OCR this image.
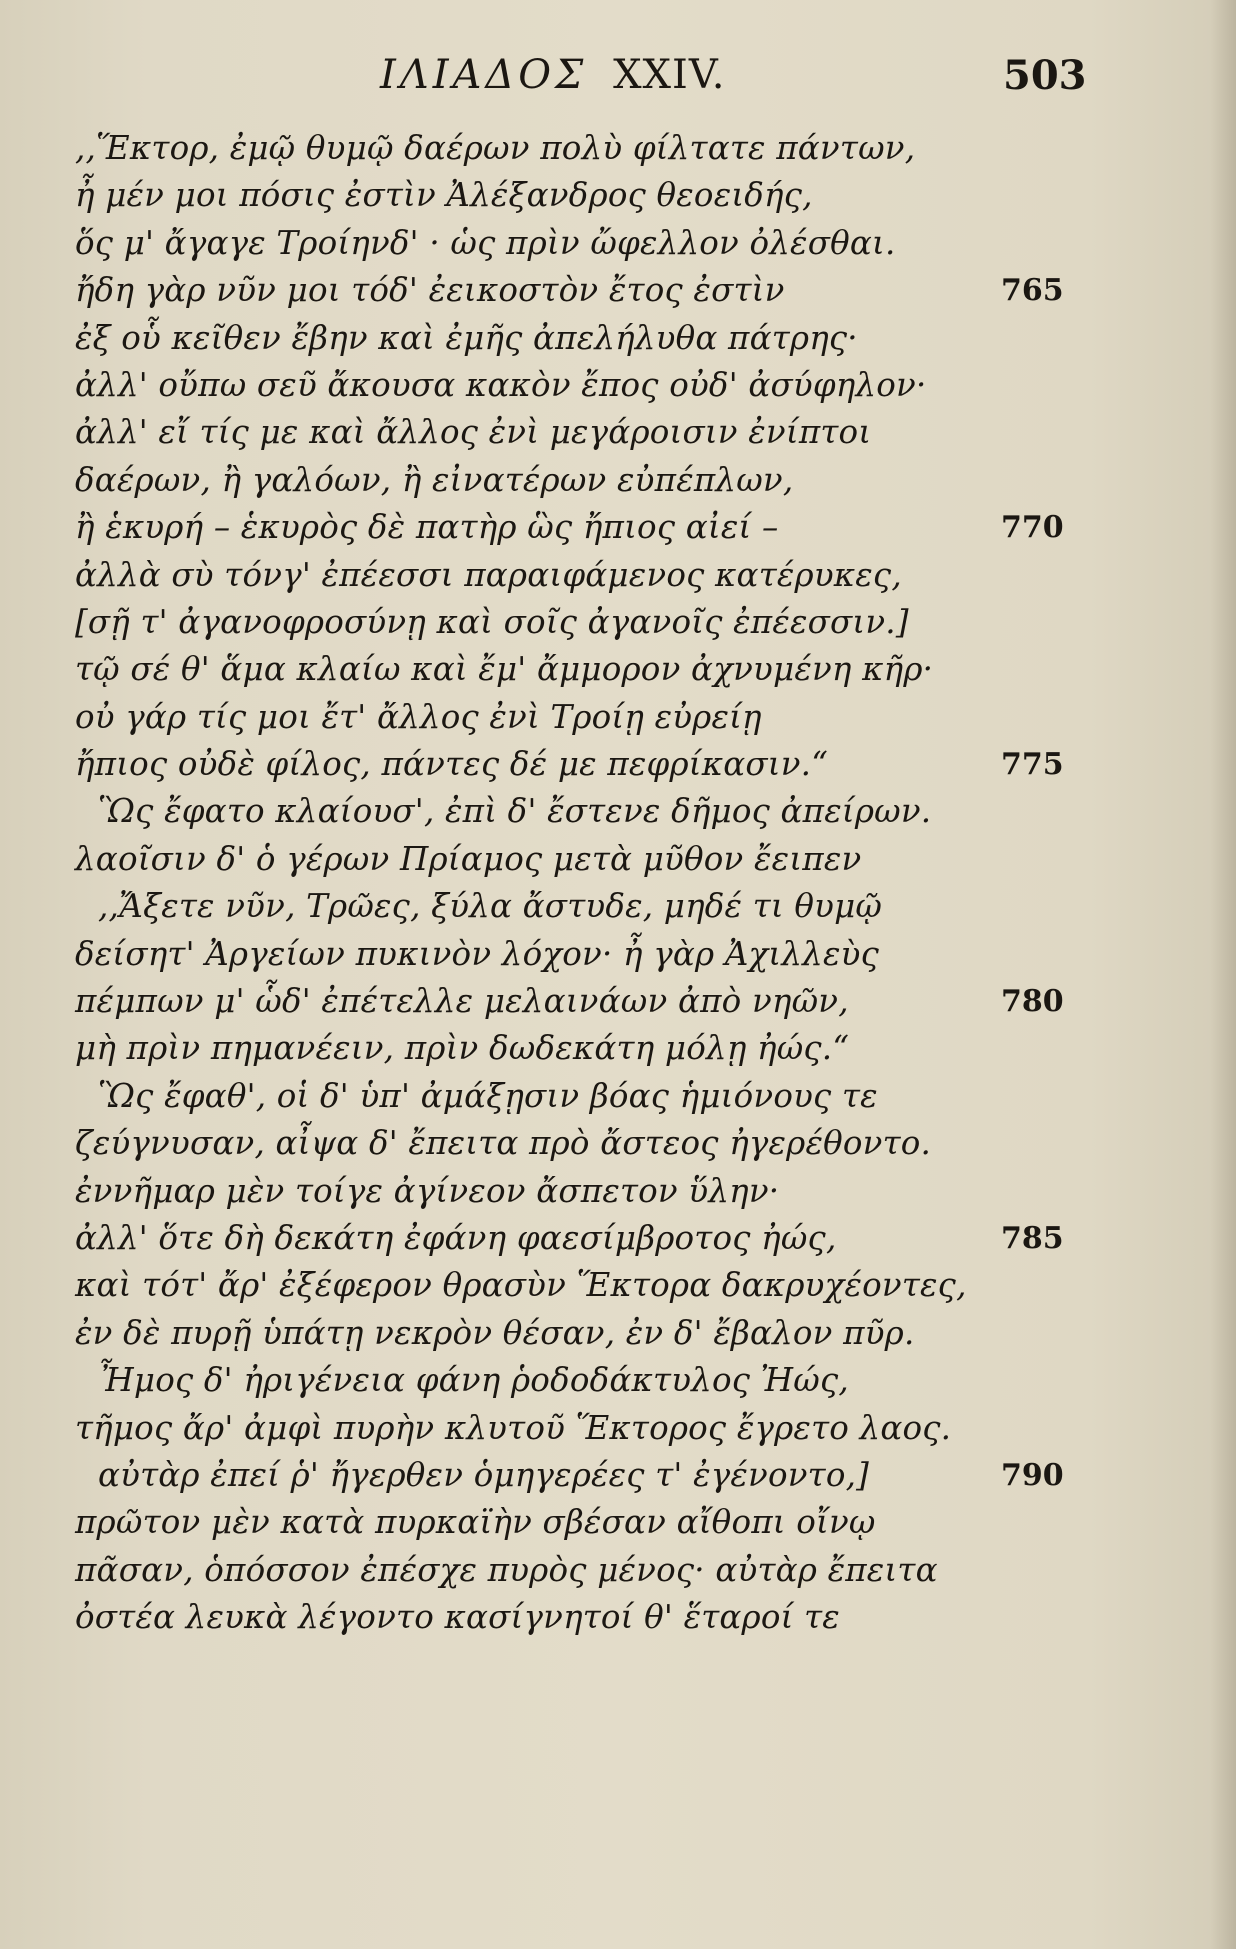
ΙΛΙΑΔΟΣ XXIV.	503
,,Ἕκτορ, ἐμῷ θυμῷ δαέρων πολὺ φίλτατε πάντων,
ἦ μέν μοι πόσις ἐστὶν Ἀλέξανδρος θεοειδής,
ὅς μ' ἄγαγε Τροίηνδ' · ὡς πρὶν ὤφελλον ὀλέσθαι.
ἤδη γὰρ νῦν μοι τόδ' ἐεικοστὸν ἔτος ἐστὶν	765
ἐξ οὗ κεῖθεν ἔβην καὶ ἐμῆς ἀπελήλυθα πάτρης·
ἀλλ' οὔπω σεῦ ἄκουσα κακὸν ἔπος οὐδ' ἀσύφηλον·
ἀλλ' εἴ τίς με καὶ ἄλλος ἐνὶ μεγάροισιν ἐνίπτοι
δαέρων, ἢ γαλόων, ἢ εἰνατέρων εὐπέπλων,
ἢ ἑκυρή – ἑκυρὸς δὲ πατὴρ ὣς ἤπιος αἰεί –	770
ἀλλὰ σὺ τόνγ' ἐπέεσσι παραιφάμενος κατέρυκες,
[σῇ τ' ἀγανοφροσύνῃ καὶ σοῖς ἀγανοῖς ἐπέεσσιν.]
τῷ σέ θ' ἅμα κλαίω καὶ ἔμ' ἄμμορον ἀχνυμένη κῆρ·
οὐ γάρ τίς μοι ἔτ' ἄλλος ἐνὶ Τροίῃ εὐρείῃ
ἤπιος οὐδὲ φίλος, πάντες δέ με πεφρίκασιν.“	775
Ὣς ἔφατο κλαίουσ', ἐπὶ δ' ἔστενε δῆμος ἀπείρων.
λαοῖσιν δ' ὁ γέρων Πρίαμος μετὰ μῦθον ἔειπεν
,,Ἄξετε νῦν, Τρῶες, ξύλα ἄστυδε, μηδέ τι θυμῷ
δείσητ' Ἀργείων πυκινὸν λόχον· ἦ γὰρ Ἀχιλλεὺς
πέμπων μ' ὧδ' ἐπέτελλε μελαινάων ἀπὸ νηῶν,	780
μὴ πρὶν πημανέειν, πρὶν δωδεκάτη μόλῃ ἠώς.“
Ὣς ἔφαθ', οἱ δ' ὑπ' ἀμάξῃσιν βόας ἡμιόνους τε
ζεύγνυσαν, αἶψα δ' ἔπειτα πρὸ ἄστεος ἠγερέθοντο.
ἐννῆμαρ μὲν τοίγε ἀγίνεον ἄσπετον ὕλην·
ἀλλ' ὅτε δὴ δεκάτη ἐφάνη φαεσίμβροτος ἠώς,	785
καὶ τότ' ἄρ' ἐξέφερον θρασὺν Ἕκτορα δακρυχέοντες,
ἐν δὲ πυρῇ ὑπάτῃ νεκρὸν θέσαν, ἐν δ' ἔβαλον πῦρ.
Ἦμος δ' ἠριγένεια φάνη ῥοδοδάκτυλος Ἠώς,
τῆμος ἄρ' ἀμφὶ πυρὴν κλυτοῦ Ἕκτορος ἔγρετο λαος.
αὐτὰρ ἐπεί ῥ' ἤγερθεν ὁμηγερέες τ' ἐγένοντο,]	790
πρῶτον μὲν κατὰ πυρκαϊὴν σβέσαν αἴθοπι οἴνῳ
πᾶσαν, ὁπόσσον ἐπέσχε πυρὸς μένος· αὐτὰρ ἔπειτα
ὀστέα λευκὰ λέγοντο κασίγνητοί θ' ἕταροί τε
